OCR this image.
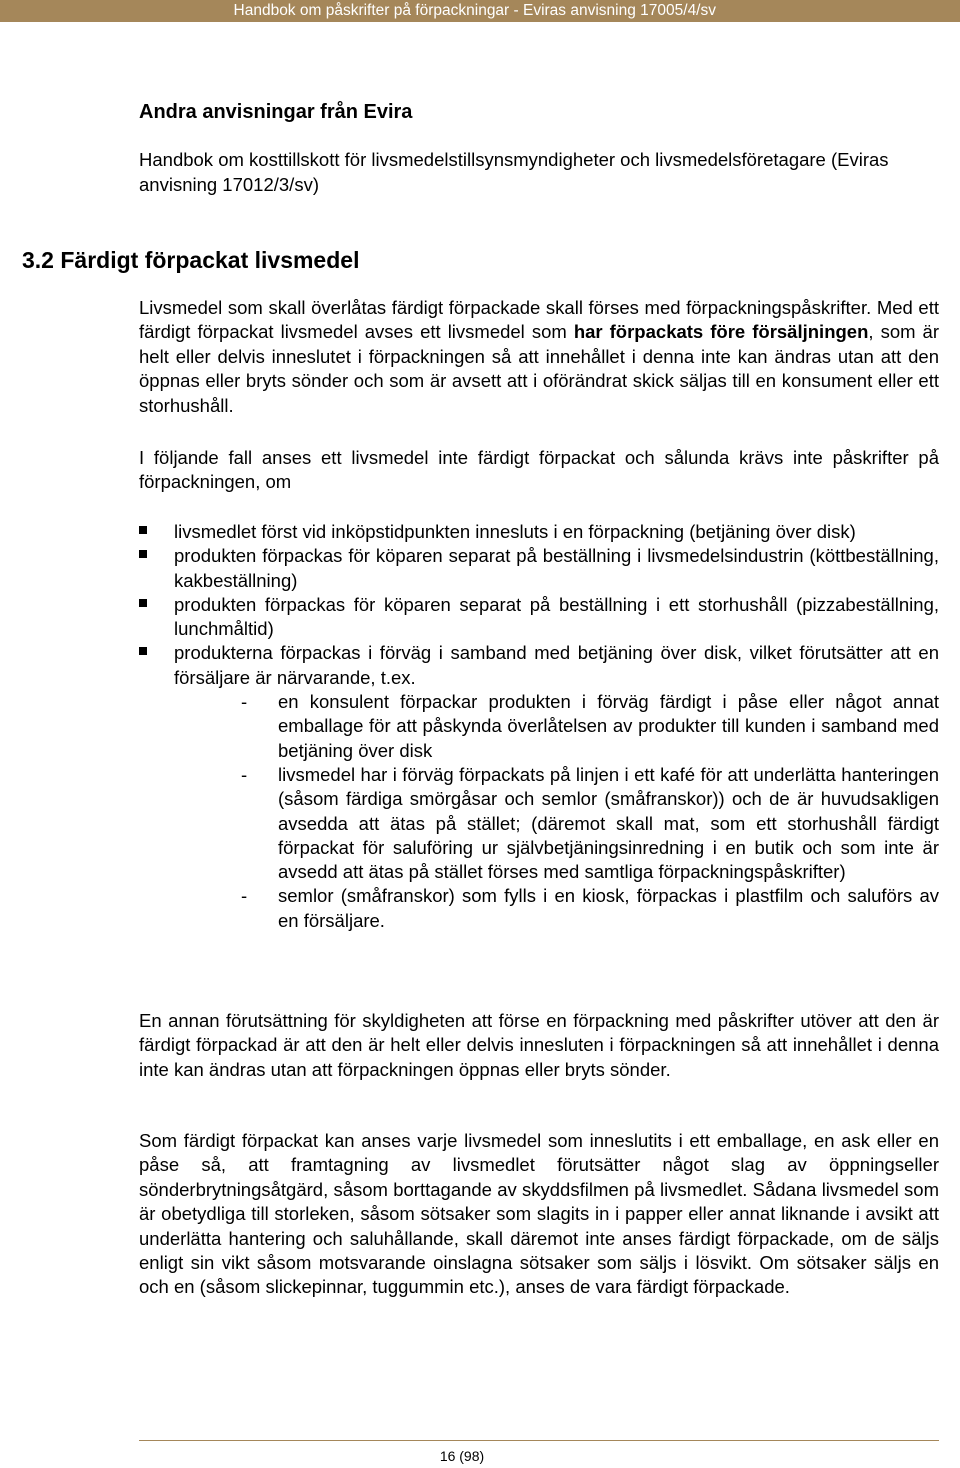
Handbok om påskrifter på förpackningar - Eviras anvisning 17005/4/sv
Andra anvisningar från Evira
Handbok om kosttillskott för livsmedelstillsynsmyndigheter och livsmedelsföretagare (Eviras anvisning 17012/3/sv)
3.2 Färdigt förpackat livsmedel
Livsmedel som skall överlåtas färdigt förpackade skall förses med förpackningspåskrifter. Med ett färdigt förpackat livsmedel avses ett livsmedel som har förpackats före försäljningen, som är helt eller delvis inneslutet i förpackningen så att innehållet i denna inte kan ändras utan att den öppnas eller bryts sönder och som är avsett att i oförändrat skick säljas till en konsument eller ett storhushåll.
I följande fall anses ett livsmedel inte färdigt förpackat och sålunda krävs inte påskrifter på förpackningen, om
livsmedlet först vid inköpstidpunkten innesluts i en förpackning (betjäning över disk)
produkten förpackas för köparen separat på beställning i livsmedelsindustrin (köttbeställning, kakbeställning)
produkten förpackas för köparen separat på beställning i ett storhushåll (pizzabeställning, lunchmåltid)
produkterna förpackas i förväg i samband med betjäning över disk, vilket förutsätter att en försäljare är närvarande, t.ex.
- en konsulent förpackar produkten i förväg färdigt i påse eller något annat emballage för att påskynda överlåtelsen av produkter till kunden i samband med betjäning över disk
- livsmedel har i förväg förpackats på linjen i ett kafé för att underlätta hanteringen (såsom färdiga smörgåsar och semlor (småfranskor)) och de är huvudsakligen avsedda att ätas på stället; (däremot skall mat, som ett storhushåll färdigt förpackat för saluföring ur självbetjäningsinredning i en butik och som inte är avsedd att ätas på stället förses med samtliga förpackningspåskrifter)
- semlor (småfranskor) som fylls i en kiosk, förpackas i plastfilm och saluförs av en försäljare.
En annan förutsättning för skyldigheten att förse en förpackning med påskrifter utöver att den är färdigt förpackad är att den är helt eller delvis innesluten i förpackningen så att innehållet i denna inte kan ändras utan att förpackningen öppnas eller bryts sönder.
Som färdigt förpackat kan anses varje livsmedel som inneslutits i ett emballage, en ask eller en påse så, att framtagning av livsmedlet förutsätter något slag av öppningseller sönderbrytningsåtgärd, såsom borttagande av skyddsfilmen på livsmedlet. Sådana livsmedel som är obetydliga till storleken, såsom sötsaker som slagits in i papper eller annat liknande i avsikt att underlätta hantering och saluhållande, skall däremot inte anses färdigt förpackade, om de säljs enligt sin vikt såsom motsvarande oinslagna sötsaker som säljs i lösvikt. Om sötsaker säljs en och en (såsom slickepinnar, tuggummin etc.), anses de vara färdigt förpackade.
16 (98)
